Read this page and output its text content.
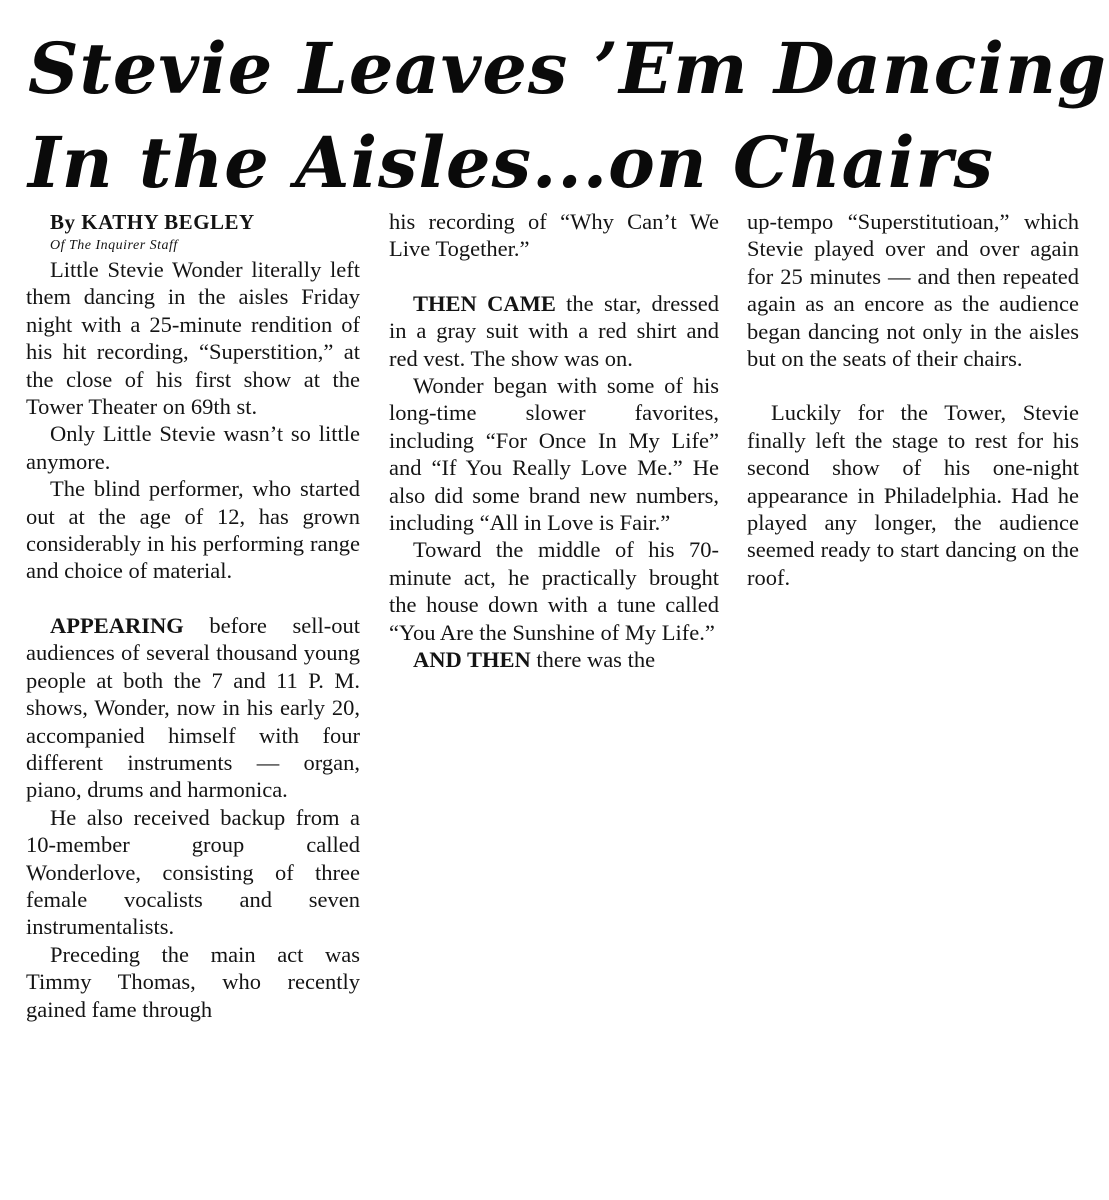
Stevie Leaves ’Em Dancing
In the Aisles...on Chairs

By KATHY BEGLEY

Of The Inquirer Staff

Little Stevie Wonder literally left them dancing in the aisles Friday night with a 25-minute rendition of his hit recording, “Superstition,” at the close of his first show at the Tower Theater on 69th st.

Only Little Stevie wasn’t so little anymore.

The blind performer, who started out at the age of 12, has grown considerably in his performing range and choice of material.

APPEARING before sell-out audiences of several thousand young people at both the 7 and 11 P. M. shows, Wonder, now in his early 20, accompanied himself with four different instruments — organ, piano, drums and harmonica.

He also received backup from a 10-member group called Wonderlove, consisting of three female vocalists and seven instrumentalists.

Preceding the main act was Timmy Thomas, who recently gained fame through

his recording of “Why Can’t We Live Together.”

THEN CAME the star, dressed in a gray suit with a red shirt and red vest. The show was on.

Wonder began with some of his long-time slower favorites, including “For Once In My Life” and “If You Really Love Me.” He also did some brand new numbers, including “All in Love is Fair.”

Toward the middle of his 70-minute act, he practically brought the house down with a tune called “You Are the Sunshine of My Life.”

AND THEN there was the

up-tempo “Superstitutioan,” which Stevie played over and over again for 25 minutes — and then repeated again as an encore as the audience began dancing not only in the aisles but on the seats of their chairs.

Luckily for the Tower, Stevie finally left the stage to rest for his second show of his one-night appearance in Philadelphia. Had he played any longer, the audience seemed ready to start dancing on the roof.
